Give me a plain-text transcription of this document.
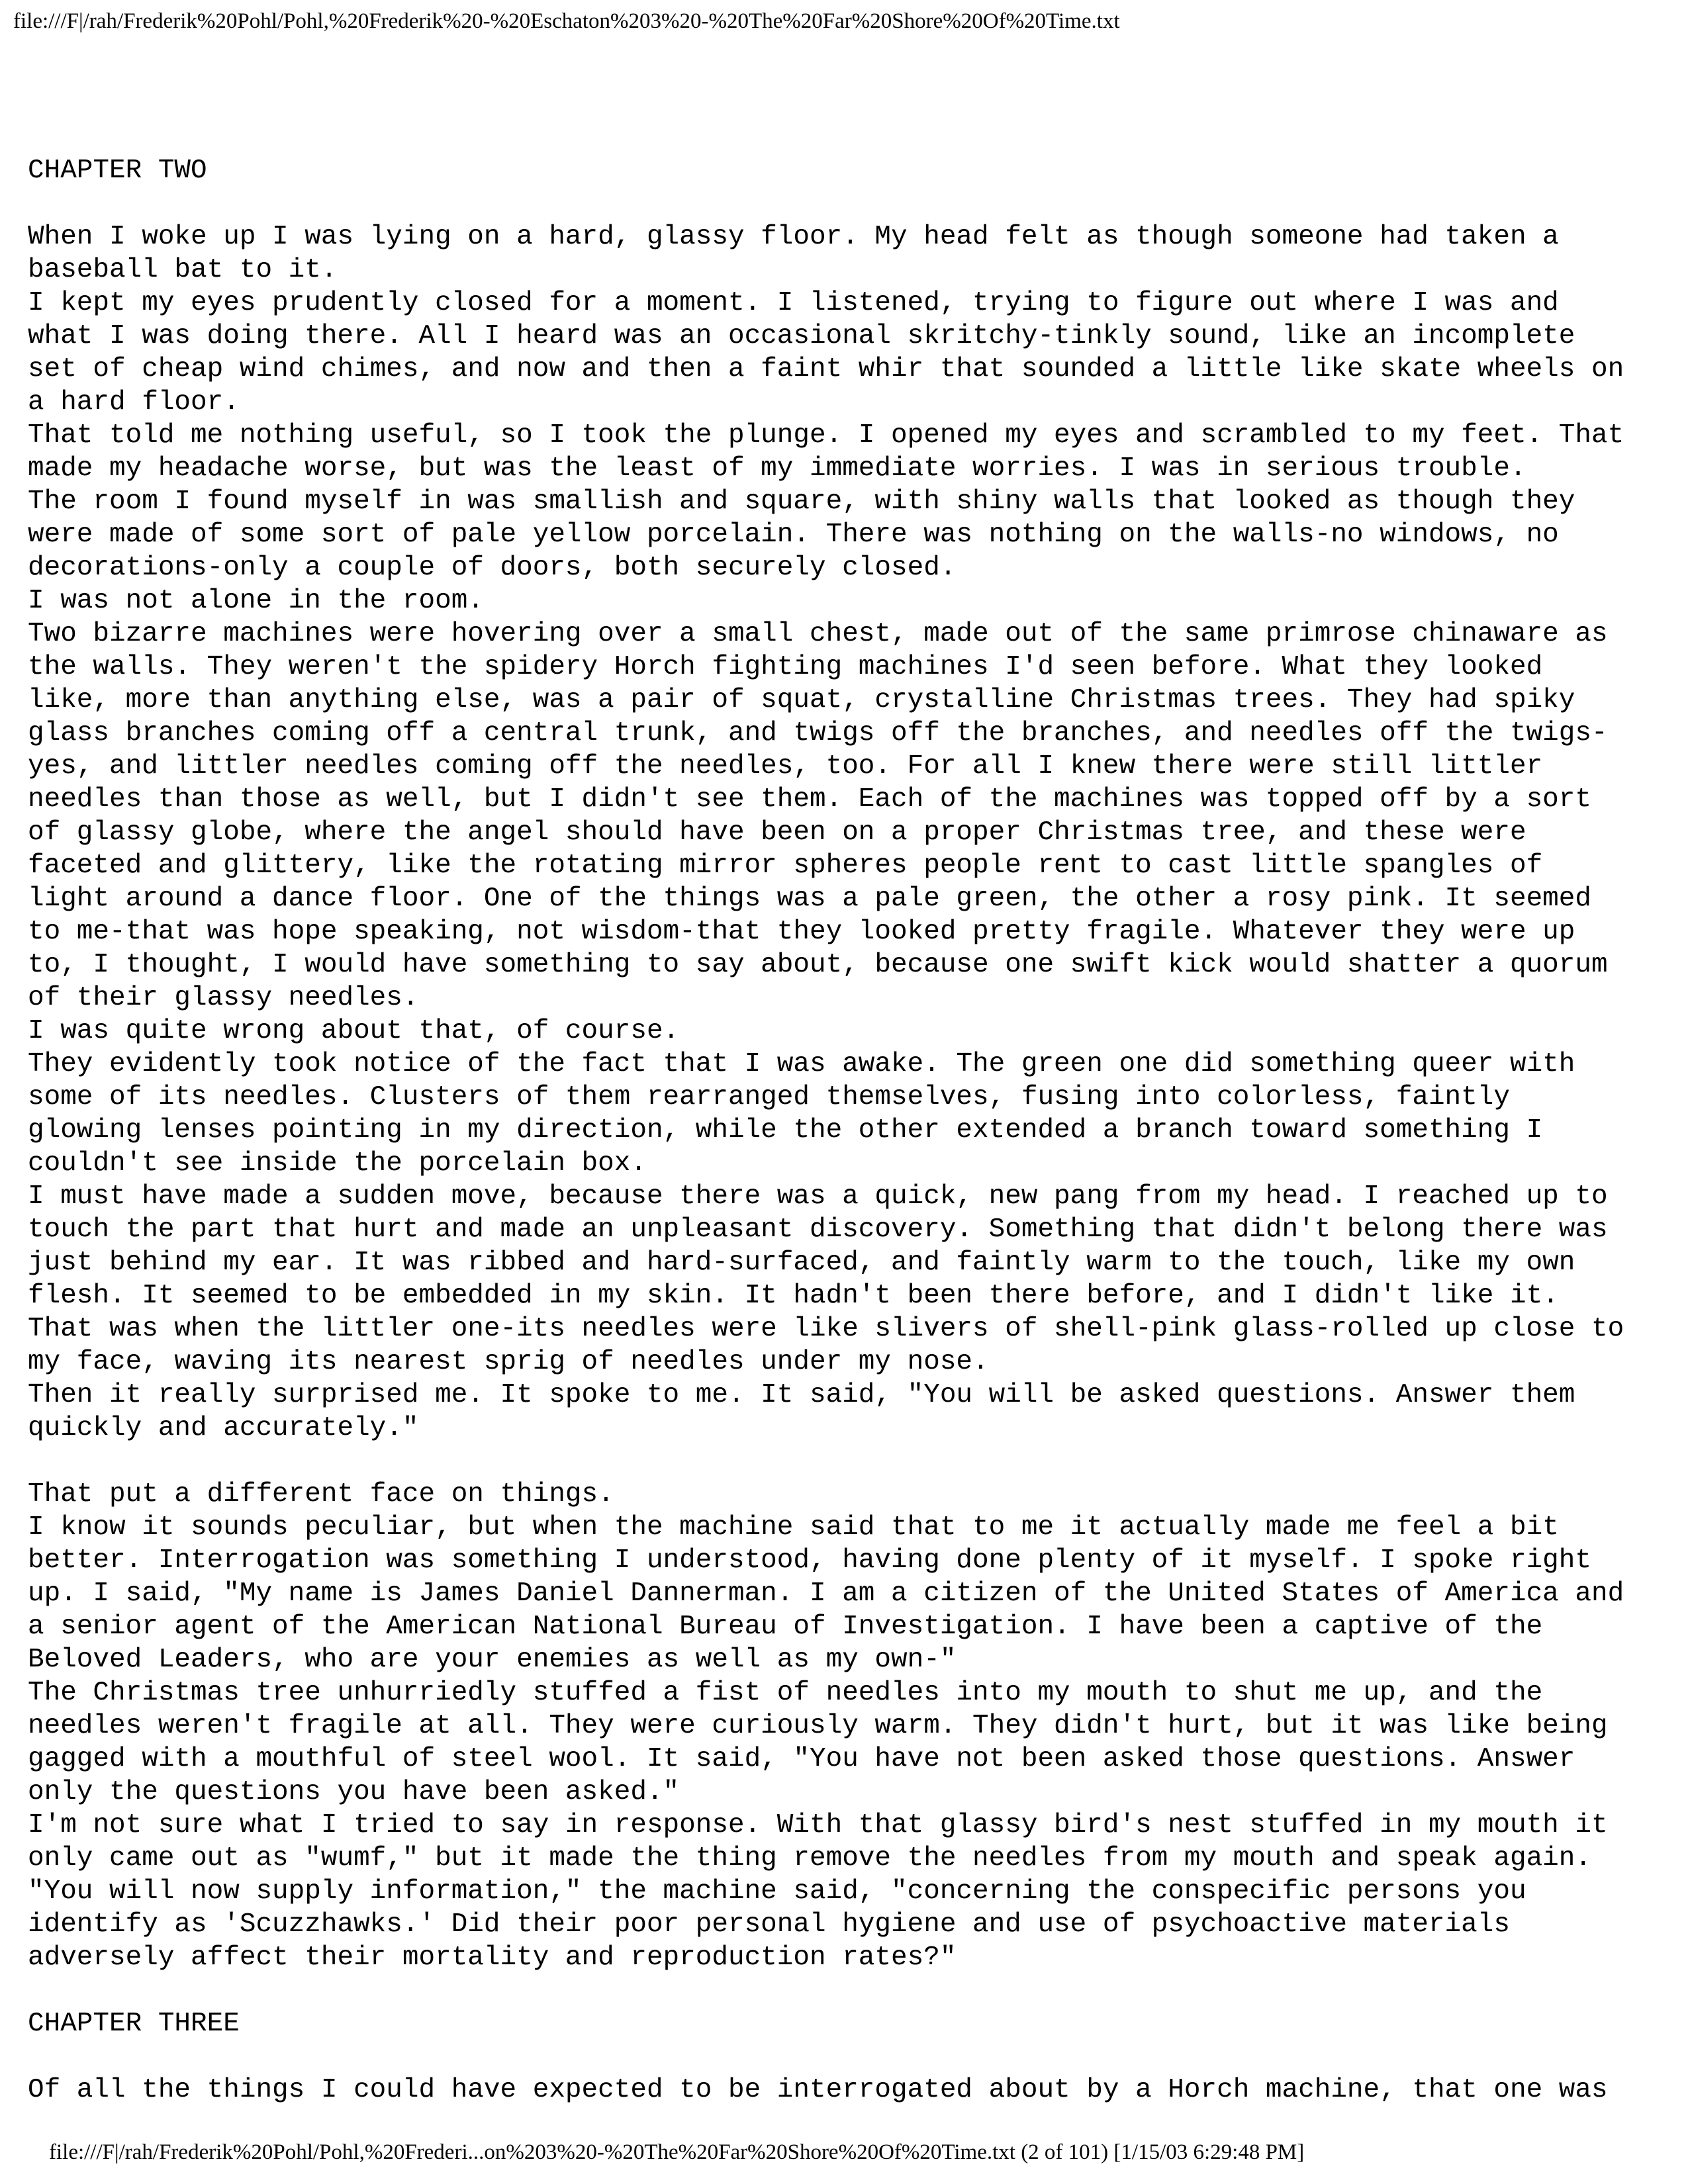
file:///F|/rah/Frederik%20Pohl/Pohl,%20Frederik%20-%20Eschaton%203%20-%20The%20Far%20Shore%20Of%20Time.txt
CHAPTER TWO
When I woke up I was lying on a hard, glassy floor. My head felt as though someone had taken a
baseball bat to it.
I kept my eyes prudently closed for a moment. I listened, trying to figure out where I was and
what I was doing there. All I heard was an occasional skritchy-tinkly sound, like an incomplete
set of cheap wind chimes, and now and then a faint whir that sounded a little like skate wheels on
a hard floor.
That told me nothing useful, so I took the plunge. I opened my eyes and scrambled to my feet. That
made my headache worse, but was the least of my immediate worries. I was in serious trouble.
The room I found myself in was smallish and square, with shiny walls that looked as though they
were made of some sort of pale yellow porcelain. There was nothing on the walls-no windows, no
decorations-only a couple of doors, both securely closed.
I was not alone in the room.
Two bizarre machines were hovering over a small chest, made out of the same primrose chinaware as
the walls. They weren't the spidery Horch fighting machines I'd seen before. What they looked
like, more than anything else, was a pair of squat, crystalline Christmas trees. They had spiky
glass branches coming off a central trunk, and twigs off the branches, and needles off the twigs-
yes, and littler needles coming off the needles, too. For all I knew there were still littler
needles than those as well, but I didn't see them. Each of the machines was topped off by a sort
of glassy globe, where the angel should have been on a proper Christmas tree, and these were
faceted and glittery, like the rotating mirror spheres people rent to cast little spangles of
light around a dance floor. One of the things was a pale green, the other a rosy pink. It seemed
to me-that was hope speaking, not wisdom-that they looked pretty fragile. Whatever they were up
to, I thought, I would have something to say about, because one swift kick would shatter a quorum
of their glassy needles.
I was quite wrong about that, of course.
They evidently took notice of the fact that I was awake. The green one did something queer with
some of its needles. Clusters of them rearranged themselves, fusing into colorless, faintly
glowing lenses pointing in my direction, while the other extended a branch toward something I
couldn't see inside the porcelain box.
I must have made a sudden move, because there was a quick, new pang from my head. I reached up to
touch the part that hurt and made an unpleasant discovery. Something that didn't belong there was
just behind my ear. It was ribbed and hard-surfaced, and faintly warm to the touch, like my own
flesh. It seemed to be embedded in my skin. It hadn't been there before, and I didn't like it.
That was when the littler one-its needles were like slivers of shell-pink glass-rolled up close to
my face, waving its nearest sprig of needles under my nose.
Then it really surprised me. It spoke to me. It said, "You will be asked questions. Answer them
quickly and accurately."
That put a different face on things.
I know it sounds peculiar, but when the machine said that to me it actually made me feel a bit
better. Interrogation was something I understood, having done plenty of it myself. I spoke right
up. I said, "My name is James Daniel Dannerman. I am a citizen of the United States of America and
a senior agent of the American National Bureau of Investigation. I have been a captive of the
Beloved Leaders, who are your enemies as well as my own-"
The Christmas tree unhurriedly stuffed a fist of needles into my mouth to shut me up, and the
needles weren't fragile at all. They were curiously warm. They didn't hurt, but it was like being
gagged with a mouthful of steel wool. It said, "You have not been asked those questions. Answer
only the questions you have been asked."
I'm not sure what I tried to say in response. With that glassy bird's nest stuffed in my mouth it
only came out as "wumf," but it made the thing remove the needles from my mouth and speak again.
"You will now supply information," the machine said, "concerning the conspecific persons you
identify as 'Scuzzhawks.' Did their poor personal hygiene and use of psychoactive materials
adversely affect their mortality and reproduction rates?"
CHAPTER THREE
Of all the things I could have expected to be interrogated about by a Horch machine, that one was
file:///F|/rah/Frederik%20Pohl/Pohl,%20Frederi...on%203%20-%20The%20Far%20Shore%20Of%20Time.txt (2 of 101) [1/15/03 6:29:48 PM]
